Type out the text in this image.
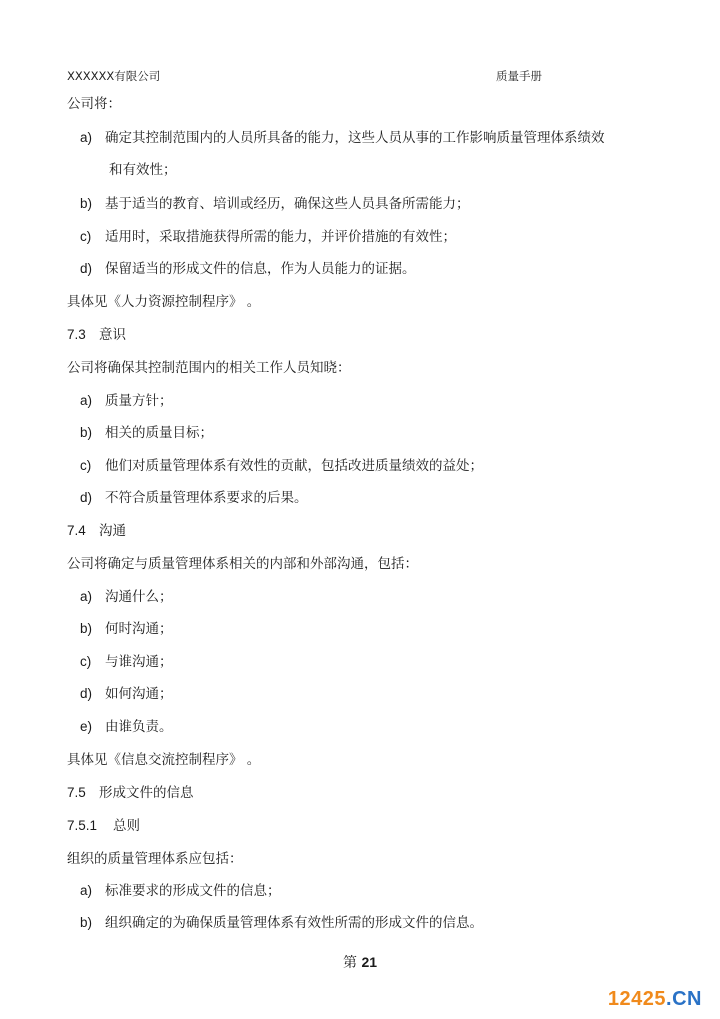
XXXXXX有限公司	质量手册
公司将：
a) 确定其控制范围内的人员所具备的能力，这些人员从事的工作影响质量管理体系绩效
和有效性；
b) 基于适当的教育、培训或经历，确保这些人员具备所需能力；
c) 适用时，采取措施获得所需的能力，并评价措施的有效性；
d) 保留适当的形成文件的信息，作为人员能力的证据。
具体见《人力资源控制程序》 。
7.3 意识
公司将确保其控制范围内的相关工作人员知晓：
a) 质量方针；
b) 相关的质量目标；
c) 他们对质量管理体系有效性的贡献，包括改进质量绩效的益处；
d) 不符合质量管理体系要求的后果。
7.4 沟通
公司将确定与质量管理体系相关的内部和外部沟通，包括：
a) 沟通什么；
b) 何时沟通；
c) 与谁沟通；
d) 如何沟通；
e) 由谁负责。
具体见《信息交流控制程序》 。
7.5 形成文件的信息
7.5.1 总则
组织的质量管理体系应包括：
a) 标准要求的形成文件的信息；
b) 组织确定的为确保质量管理体系有效性所需的形成文件的信息。
第 21
12425.CN
